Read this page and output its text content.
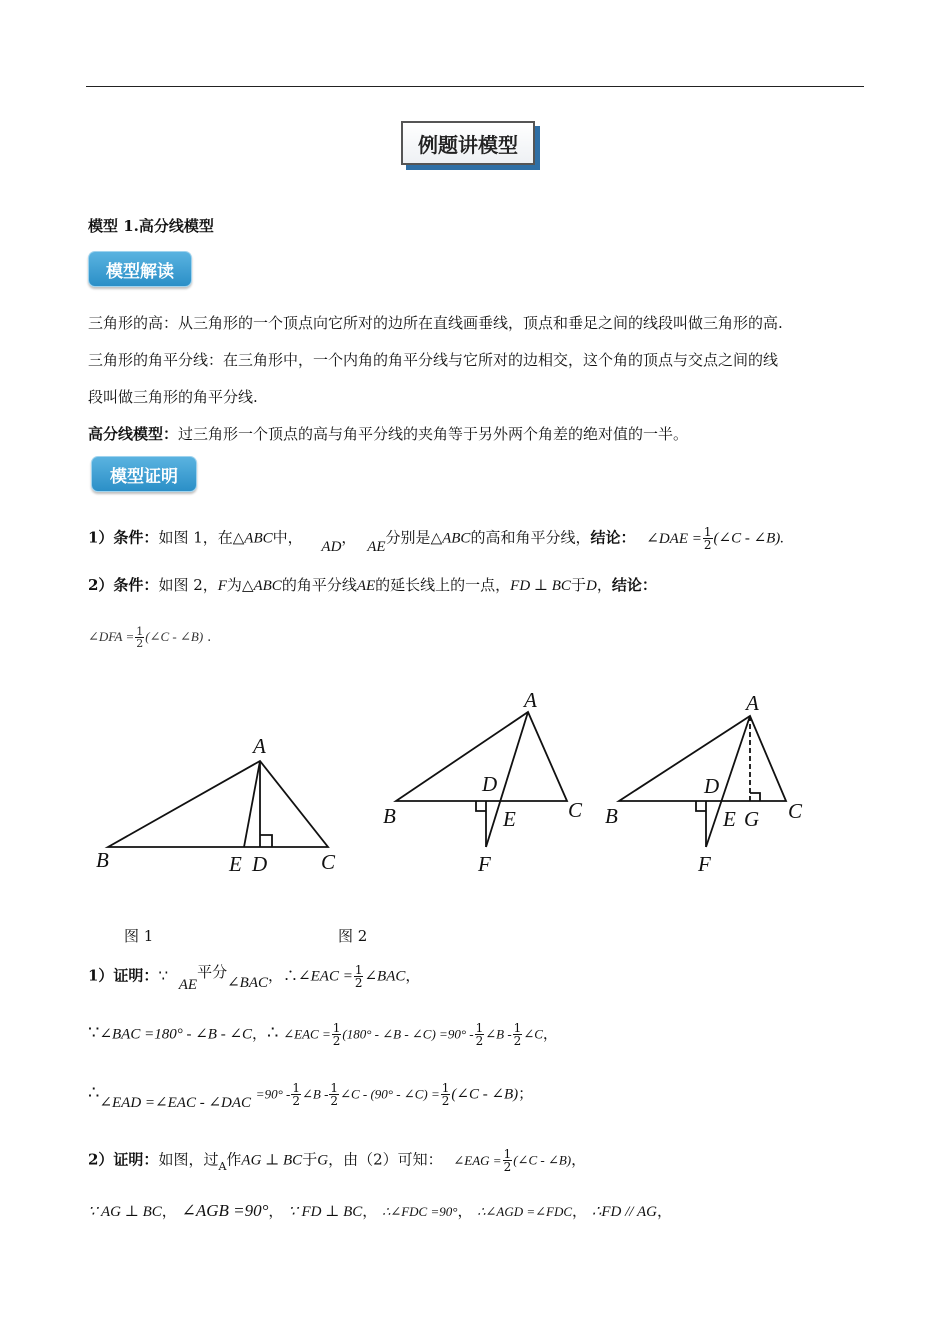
例题讲模型
模型 1.高分线模型
模型解读
三角形的高：从三角形的一个顶点向它所对的边所在直线画垂线，顶点和垂足之间的线段叫做三角形的高.
三角形的角平分线：在三角形中，一个内角的角平分线与它所对的边相交，这个角的顶点与交点之间的线
段叫做三角形的角平分线.
高分线模型：过三角形一个顶点的高与角平分线的夹角等于另外两个角差的绝对值的一半。
模型证明
1）条件：如图 1，在△ABC中， AD， AE分别是△ABC的高和角平分线，结论： ∠DAE = $\frac{1}{2}$ (∠C - ∠B).
2）条件：如图 2，F为△ABC的角平分线AE的延长线上的一点，FD ⊥ BC于D，结论：
∠DFA = $\frac{1}{2}$ (∠C - ∠B) .
A
B	E D	C
A
B
D
E C
F
A
B
D
E G C
F
图 1	图 2
1）证明：∵ AE平分∠BAC，∴∠EAC = $\frac{1}{2}$ ∠BAC，
∵∠BAC =180° - ∠B - ∠C，∴ ∠EAC = $\frac{1}{2} (180^\circ$ - ∠B - ∠C) $=90^\circ - \frac{1}{2}$ ∠B - $\frac{1}{2}$ ∠C，
∴∠EAD =∠EAC - ∠DAC $=90^\circ - \frac{1}{2}$ ∠B - $\frac{1}{2}$ ∠C - (90° - ∠C) = $\frac{1}{2}$ (∠C - ∠B)；
2）证明：如图，过$_A$作AG ⊥ BC于G，由（2）可知： ∠EAG = $\frac{1}{2}$ (∠C - ∠B)，
∵ AG ⊥ BC， ∠AGB =90°， ∵ FD ⊥ BC， ∴∠FDC =90°， ∴∠AGD =∠FDC， ∴FD // AG，
